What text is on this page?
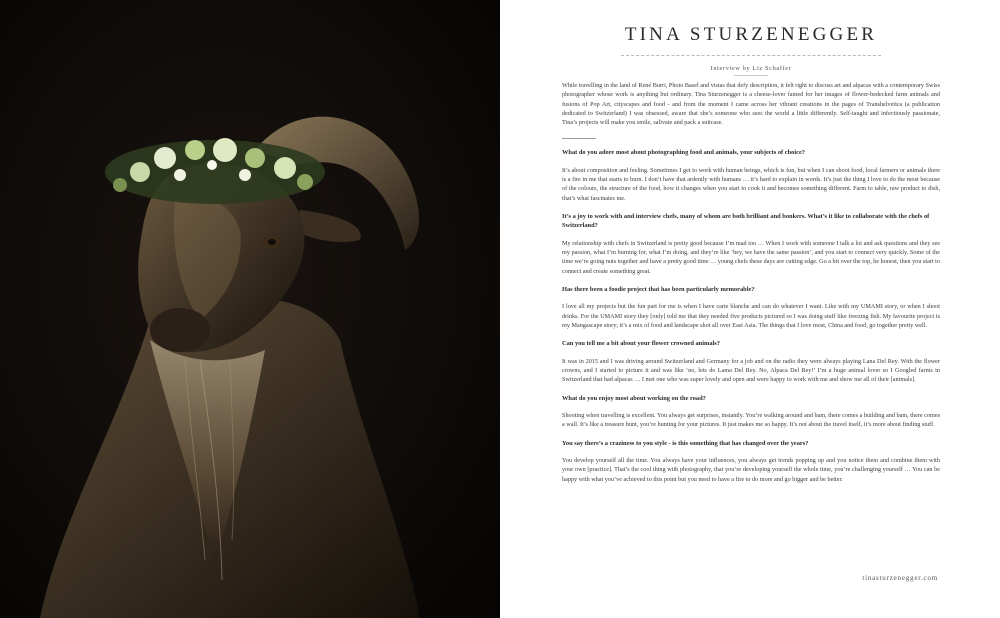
TINA STURZENEGGER
Interview by Liz Schaffer

While travelling in the land of René Burri, Photo Basel and vistas that defy description, it felt right to discuss art and alpacas with a contemporary Swiss photographer whose work is anything but ordinary. Tina Sturzenegger is a cheese-lover famed for her images of flower-bedecked farm animals and fusions of Pop Art, cityscapes and food - and from the moment I came across her vibrant creations in the pages of Transhelvetica (a publication dedicated to Switzerland) I was obsessed, aware that she’s someone who sees the world a little differently. Self-taught and infectiously passionate, Tina’s projects will make you smile, salivate and pack a suitcase.

What do you adore most about photographing food and animals, your subjects of choice?

It’s about composition and feeling. Sometimes I get to work with human beings, which is fun, but when I can shoot food, local farmers or animals there is a fire in me that starts to burn. I don’t have that ardently with humans … it’s hard to explain in words. It’s just the thing I love to do the most because of the colours, the structure of the food, how it changes when you start to cook it and becomes something different. Farm to table, raw product to dish, that’s what fascinates me.

It’s a joy to work with and interview chefs, many of whom are both brilliant and bonkers. What’s it like to collaborate with the chefs of Switzerland?

My relationship with chefs in Switzerland is pretty good because I’m mad too … When I work with someone I talk a lot and ask questions and they see my passion, what I’m burning for, what I’m doing, and they’re like ‘hey, we have the same passion’, and you start to connect very quickly. Some of the time we’re going nuts together and have a pretty good time … young chefs these days are cutting edge. Go a bit over the top, be honest, then you start to connect and create something great.

Has there been a foodie project that has been particularly memorable?

I love all my projects but the fun part for me is when I have carte blanche and can do whatever I want. Like with my UMAMI story, or when I shoot drinks. For the UMAMI story they [only] told me that they needed five products pictured so I was doing stuff like freezing fish. My favourite project is my Mangascape story; it’s a mix of food and landscape shot all over East Asia. The things that I love most, China and food, go together pretty well.

Can you tell me a bit about your flower crowned animals?

It was in 2015 and I was driving around Switzerland and Germany for a job and on the radio they were always playing Lana Del Rey. With the flower crowns, and I started to picture it and was like ‘no, lets do Lama Del Rey. No, Alpaca Del Rey!’ I’m a huge animal lover so I Googled farms in Switzerland that had alpacas … I met one who was super lovely and open and were happy to work with me and show me all of their [animals].

What do you enjoy most about working on the road?

Shooting when travelling is excellent. You always get surprises, instantly. You’re walking around and bam, there comes a building and bam, there comes a wall. It’s like a treasure hunt, you’re hunting for your pictures. It just makes me so happy. It’s not about the travel itself, it’s more about finding stuff.

You say there’s a craziness to you style - is this something that has changed over the years?

You develop yourself all the time. You always have your influences, you always get trends popping up and you notice them and combine them with your own [practice]. That’s the cool thing with photography, that you’re developing yourself the whole time, you’re challenging yourself … You can be happy with what you’ve achieved to this point but you need to have a fire to do more and go bigger and be better.

tinasturzenegger.com
